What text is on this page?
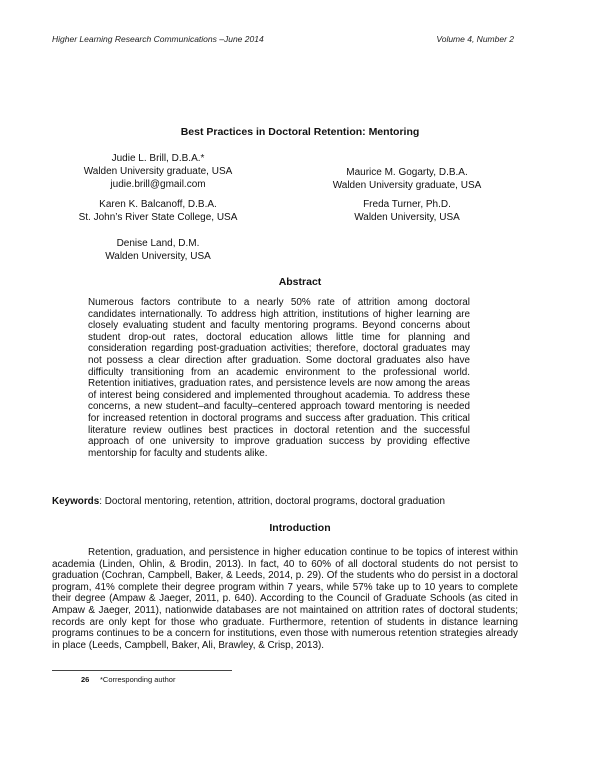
Higher Learning Research Communications –June 2014	Volume 4, Number 2
Best Practices in Doctoral Retention: Mentoring
Judie L. Brill, D.B.A.*
Walden University graduate, USA
judie.brill@gmail.com
Maurice M. Gogarty, D.B.A.
Walden University graduate, USA
Karen K. Balcanoff, D.B.A.
St. John’s River State College, USA
Freda Turner, Ph.D.
Walden University, USA
Denise Land, D.M.
Walden University, USA
Abstract

Numerous factors contribute to a nearly 50% rate of attrition among doctoral candidates internationally. To address high attrition, institutions of higher learning are closely evaluating student and faculty mentoring programs. Beyond concerns about student drop-out rates, doctoral education allows little time for planning and consideration regarding post-graduation activities; therefore, doctoral graduates may not possess a clear direction after graduation. Some doctoral graduates also have difficulty transitioning from an academic environment to the professional world. Retention initiatives, graduation rates, and persistence levels are now among the areas of interest being considered and implemented throughout academia. To address these concerns, a new student–and faculty–centered approach toward mentoring is needed for increased retention in doctoral programs and success after graduation. This critical literature review outlines best practices in doctoral retention and the successful approach of one university to improve graduation success by providing effective mentorship for faculty and students alike.

Keywords: Doctoral mentoring, retention, attrition, doctoral programs, doctoral graduation

Introduction

Retention, graduation, and persistence in higher education continue to be topics of interest within academia (Linden, Ohlin, & Brodin, 2013). In fact, 40 to 60% of all doctoral students do not persist to graduation (Cochran, Campbell, Baker, & Leeds, 2014, p. 29). Of the students who do persist in a doctoral program, 41% complete their degree program within 7 years, while 57% take up to 10 years to complete their degree (Ampaw & Jaeger, 2011, p. 640). According to the Council of Graduate Schools (as cited in Ampaw & Jaeger, 2011), nationwide databases are not maintained on attrition rates of doctoral students; records are only kept for those who graduate. Furthermore, retention of students in distance learning programs continues to be a concern for institutions, even those with numerous retention strategies already in place (Leeds, Campbell, Baker, Ali, Brawley, & Crisp, 2013).

26 *Corresponding author
